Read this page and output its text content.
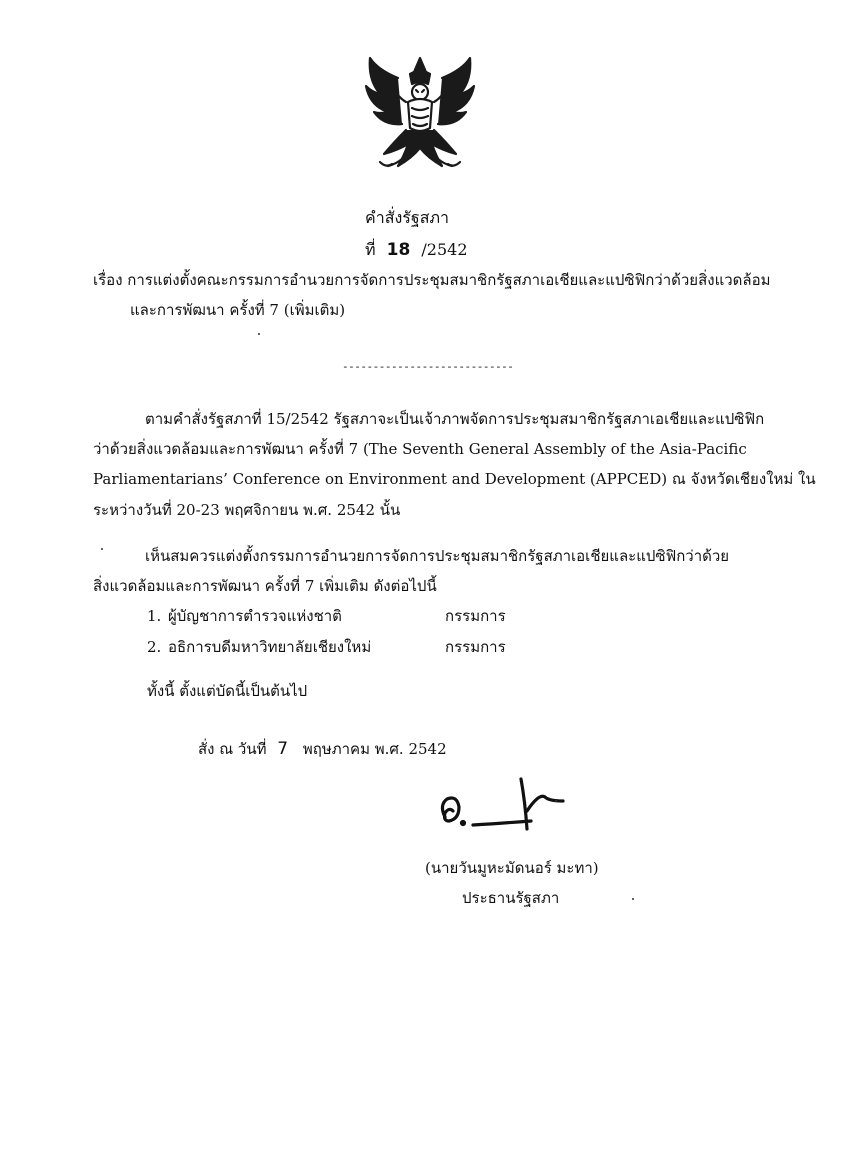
คำสั่งรัฐสภา
ที่ 18 /2542
เรื่อง การแต่งตั้งคณะกรรมการอำนวยการจัดการประชุมสมาชิกรัฐสภาเอเชียและแปซิฟิกว่าด้วยสิ่งแวดล้อม
และการพัฒนา ครั้งที่ 7 (เพิ่มเติม)
----------------------------
ตามคำสั่งรัฐสภาที่ 15/2542 รัฐสภาจะเป็นเจ้าภาพจัดการประชุมสมาชิกรัฐสภาเอเชียและแปซิฟิก
ว่าด้วยสิ่งแวดล้อมและการพัฒนา ครั้งที่ 7 (The Seventh General Assembly of the Asia-Pacific
Parliamentarians’ Conference on Environment and Development (APPCED) ณ จังหวัดเชียงใหม่ ใน
ระหว่างวันที่ 20-23 พฤศจิกายน พ.ศ. 2542 นั้น
เห็นสมควรแต่งตั้งกรรมการอำนวยการจัดการประชุมสมาชิกรัฐสภาเอเชียและแปซิฟิกว่าด้วย
สิ่งแวดล้อมและการพัฒนา ครั้งที่ 7 เพิ่มเติม ดังต่อไปนี้
1. ผู้บัญชาการตำรวจแห่งชาติ	กรรมการ
2. อธิการบดีมหาวิทยาลัยเชียงใหม่	กรรมการ
ทั้งนี้ ตั้งแต่บัดนี้เป็นต้นไป
สั่ง ณ วันที่ 7 พฤษภาคม พ.ศ. 2542
(นายวันมูหะมัดนอร์ มะทา)
ประธานรัฐสภา
